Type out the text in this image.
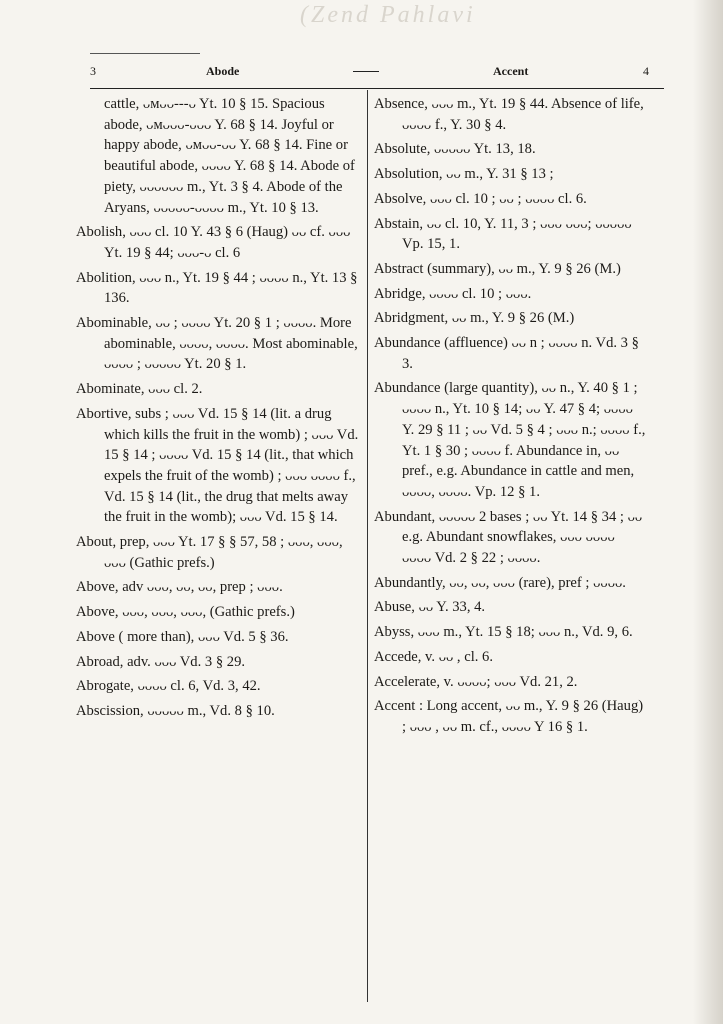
(Zend Pahlavi
3	Abode	Accent	4

cattle, ᴗᴍᴗᴗ---ᴗ Yt. 10 § 15. Spacious abode, ᴗᴍᴗᴗᴗ-ᴗᴗᴗ Y. 68 § 14. Joyful or happy abode, ᴗᴍᴗᴗ-ᴗᴗ Y. 68 § 14. Fine or beautiful abode, ᴗᴗᴗᴗ Y. 68 § 14. Abode of piety, ᴗᴗᴗᴗᴗᴗ m., Yt. 3 § 4. Abode of the Aryans, ᴗᴗᴗᴗᴗ-ᴗᴗᴗᴗ m., Yt. 10 § 13.

Abolish, ᴗᴗᴗ cl. 10 Y. 43 § 6 (Haug) ᴗᴗ cf. ᴗᴗᴗ Yt. 19 § 44; ᴗᴗᴗ-ᴗ cl. 6

Abolition, ᴗᴗᴗ n., Yt. 19 § 44 ; ᴗᴗᴗᴗ n., Yt. 13 § 136.

Abominable, ᴗᴗ ; ᴗᴗᴗᴗ Yt. 20 § 1 ; ᴗᴗᴗᴗ. More abominable, ᴗᴗᴗᴗ, ᴗᴗᴗᴗ. Most abominable, ᴗᴗᴗᴗ ; ᴗᴗᴗᴗᴗ Yt. 20 § 1.

Abominate, ᴗᴗᴗ cl. 2.

Abortive, subs ; ᴗᴗᴗ Vd. 15 § 14 (lit. a drug which kills the fruit in the womb) ; ᴗᴗᴗ Vd. 15 § 14 ; ᴗᴗᴗᴗ Vd. 15 § 14 (lit., that which expels the fruit of the womb) ; ᴗᴗᴗ ᴗᴗᴗᴗ f., Vd. 15 § 14 (lit., the drug that melts away the fruit in the womb); ᴗᴗᴗ Vd. 15 § 14.

About, prep, ᴗᴗᴗ Yt. 17 § § 57, 58 ; ᴗᴗᴗ, ᴗᴗᴗ, ᴗᴗᴗ (Gathic prefs.)

Above, adv ᴗᴗᴗ, ᴗᴗ, ᴗᴗ, prep ; ᴗᴗᴗ.

Above, ᴗᴗᴗ, ᴗᴗᴗ, ᴗᴗᴗ, (Gathic prefs.)

Above ( more than), ᴗᴗᴗ Vd. 5 § 36.

Abroad, adv. ᴗᴗᴗ Vd. 3 § 29.

Abrogate, ᴗᴗᴗᴗ cl. 6, Vd. 3, 42.

Abscission, ᴗᴗᴗᴗᴗ m., Vd. 8 § 10.

Absence, ᴗᴗᴗ m., Yt. 19 § 44. Absence of life, ᴗᴗᴗᴗ f., Y. 30 § 4.

Absolute, ᴗᴗᴗᴗᴗ Yt. 13, 18.

Absolution, ᴗᴗ m., Y. 31 § 13 ;

Absolve, ᴗᴗᴗ cl. 10 ; ᴗᴗ ; ᴗᴗᴗᴗ cl. 6.

Abstain, ᴗᴗ cl. 10, Y. 11, 3 ; ᴗᴗᴗ ᴗᴗᴗ; ᴗᴗᴗᴗᴗ Vp. 15, 1.

Abstract (summary), ᴗᴗ m., Y. 9 § 26 (M.)

Abridge, ᴗᴗᴗᴗ cl. 10 ; ᴗᴗᴗ.

Abridgment, ᴗᴗ m., Y. 9 § 26 (M.)

Abundance (affluence) ᴗᴗ n ; ᴗᴗᴗᴗ n. Vd. 3 § 3.

Abundance (large quantity), ᴗᴗ n., Y. 40 § 1 ; ᴗᴗᴗᴗ n., Yt. 10 § 14; ᴗᴗ Y. 47 § 4; ᴗᴗᴗᴗ Y. 29 § 11 ; ᴗᴗ Vd. 5 § 4 ; ᴗᴗᴗ n.; ᴗᴗᴗᴗ f., Yt. 1 § 30 ; ᴗᴗᴗᴗ f. Abundance in, ᴗᴗ pref., e.g. Abundance in cattle and men, ᴗᴗᴗᴗ, ᴗᴗᴗᴗ. Vp. 12 § 1.

Abundant, ᴗᴗᴗᴗᴗ 2 bases ; ᴗᴗ Yt. 14 § 34 ; ᴗᴗ e.g. Abundant snowflakes, ᴗᴗᴗ ᴗᴗᴗᴗ ᴗᴗᴗᴗ Vd. 2 § 22 ; ᴗᴗᴗᴗ.

Abundantly, ᴗᴗ, ᴗᴗ, ᴗᴗᴗ (rare), pref ; ᴗᴗᴗᴗ.

Abuse, ᴗᴗ Y. 33, 4.

Abyss, ᴗᴗᴗ m., Yt. 15 § 18; ᴗᴗᴗ n., Vd. 9, 6.

Accede, v. ᴗᴗ , cl. 6.

Accelerate, v. ᴗᴗᴗᴗ; ᴗᴗᴗ Vd. 21, 2.

Accent : Long accent, ᴗᴗ m., Y. 9 § 26 (Haug) ; ᴗᴗᴗ , ᴗᴗ m. cf., ᴗᴗᴗᴗ Y 16 § 1.
